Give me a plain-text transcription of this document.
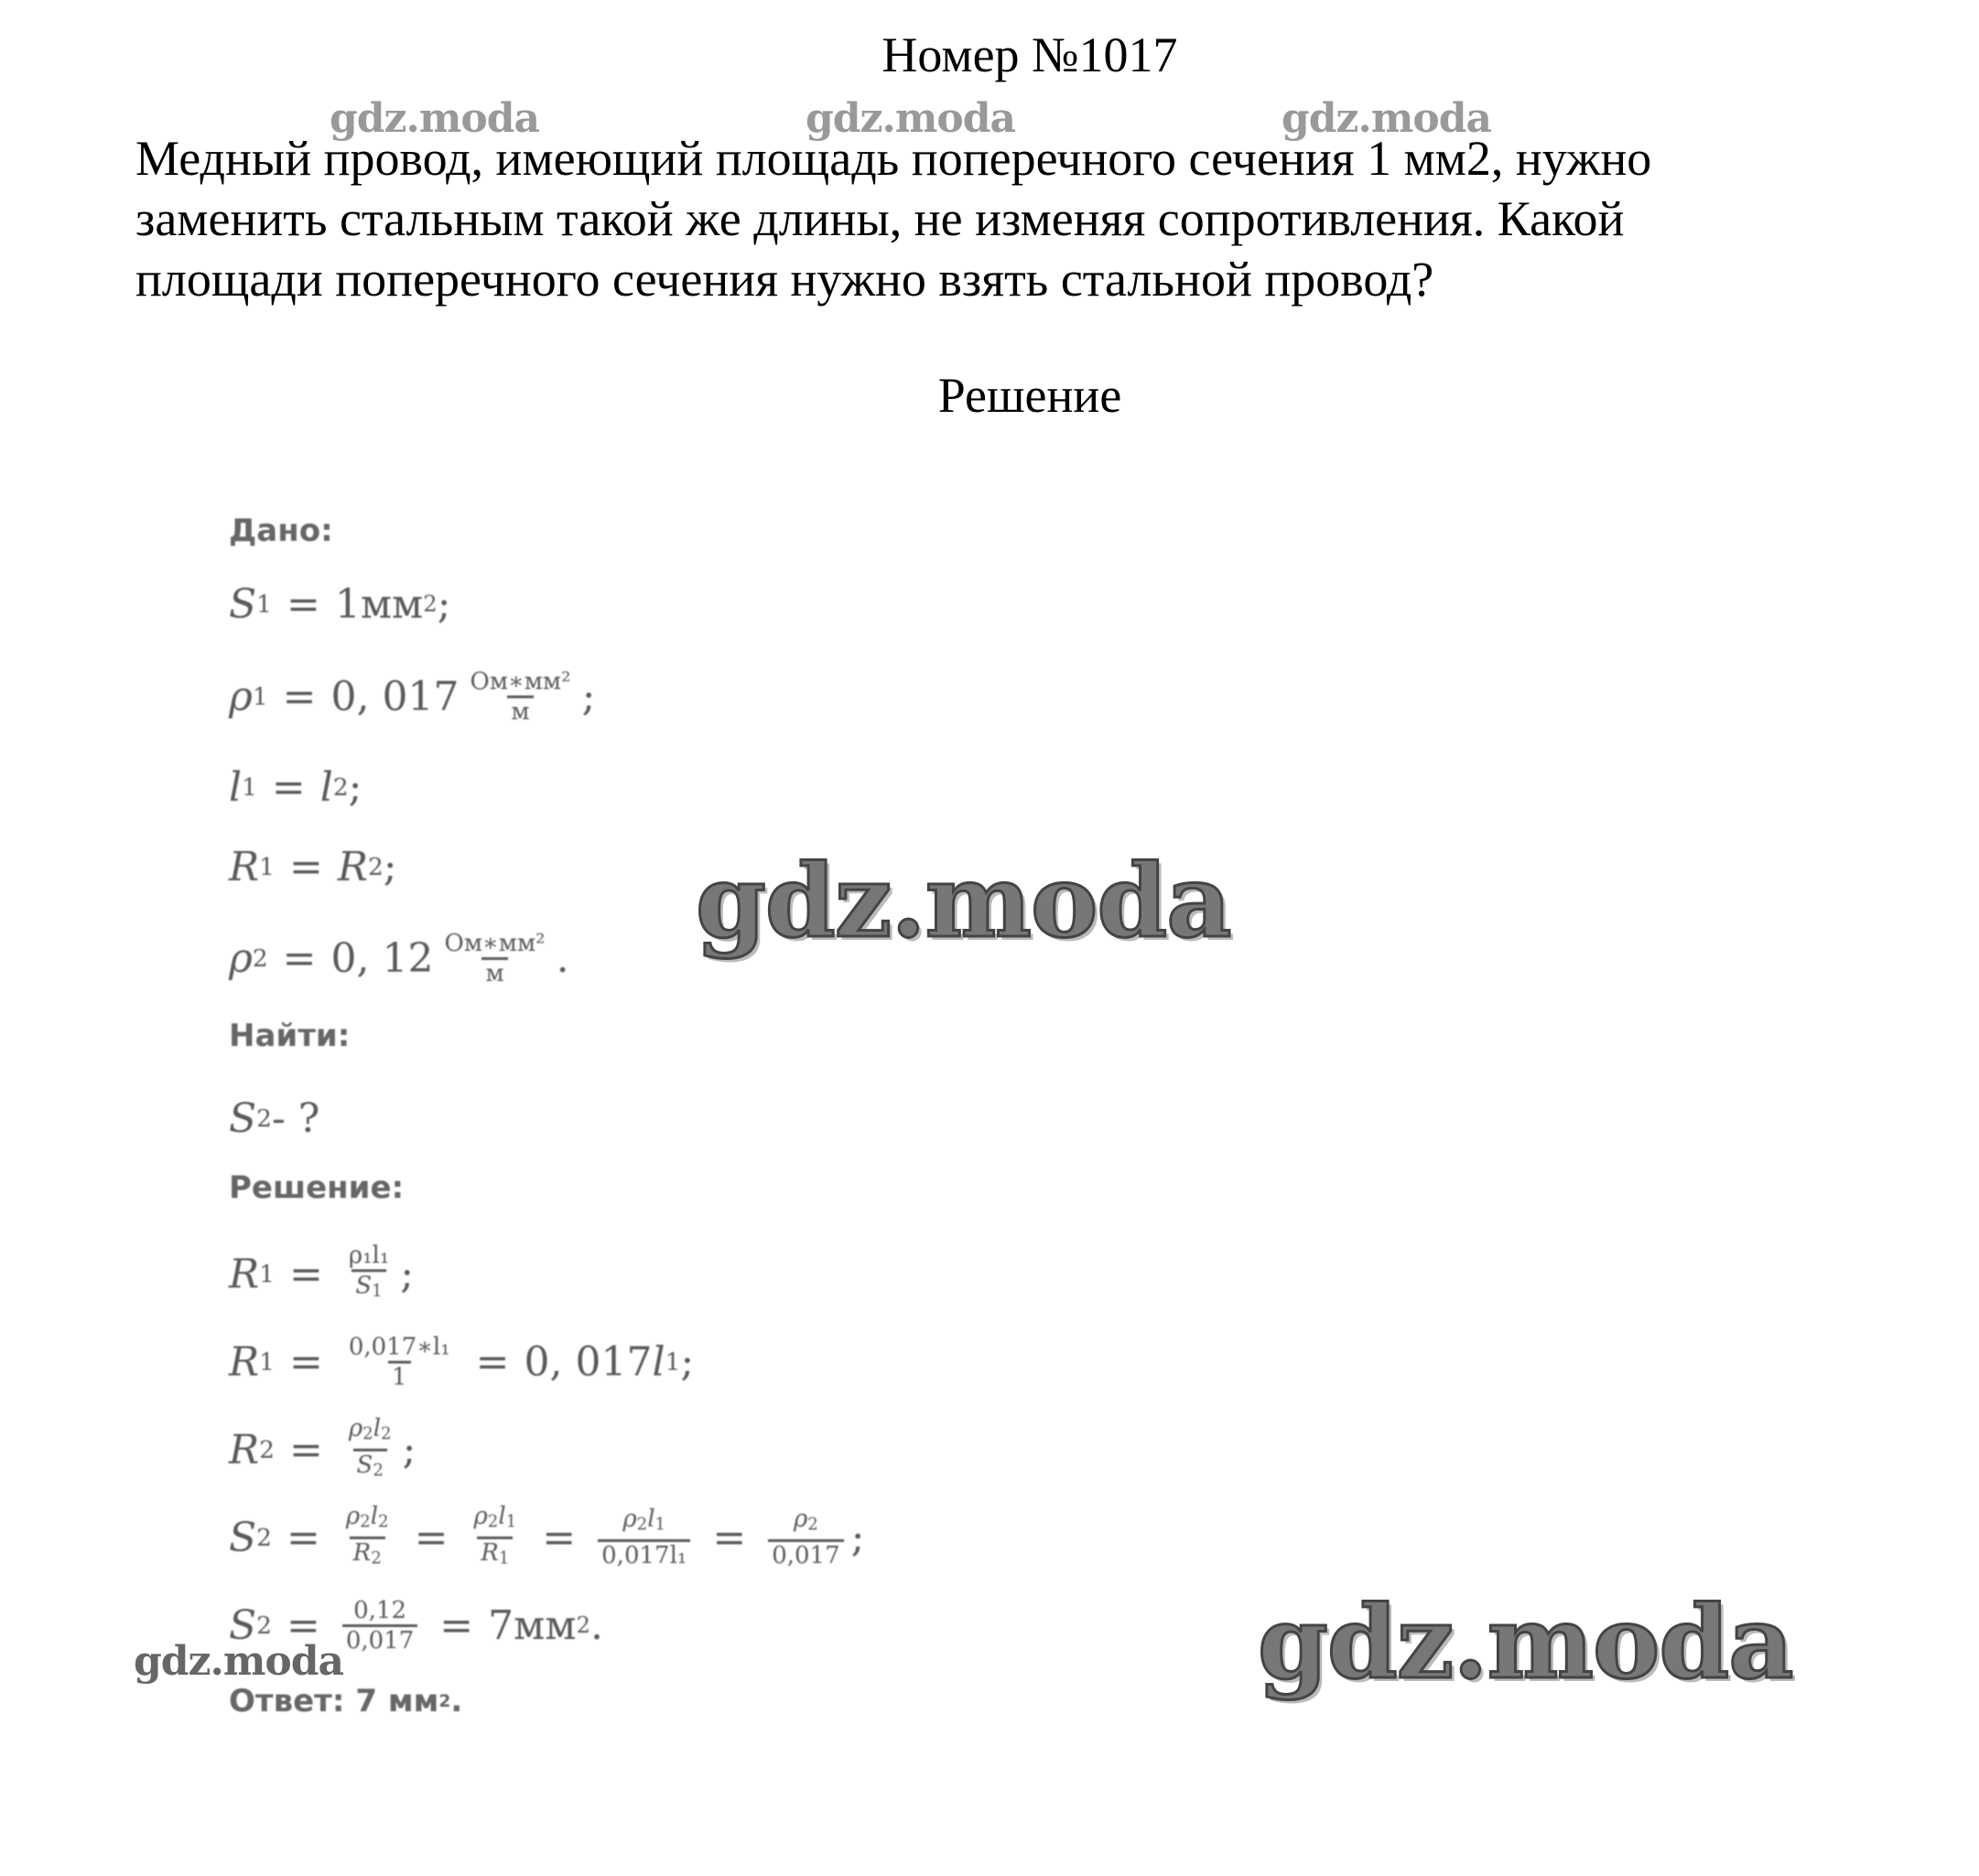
Номер №1017
Медный провод, имеющий площадь поперечного сечения 1 мм2, нужно
заменить стальным такой же длины, не изменяя сопротивления. Какой
площади поперечного сечения нужно взять стальной провод?
Решение

Дано:

S 1 = 1мм 2 ;
ρ 1 = 0, $017 \frac{\text{Ом∗мм²}}{м}$ ;
l 1 = l 2 ;
R 1 = R 2 ;
ρ 2 = 0, $12 \frac{\text{Ом∗мм²}}{м}$ .

Найти:

S 2 - ?

Решение:

R $1 = \frac{\text{ρ₁l₁}}{S_1}$ ;
R $1 = \frac{\text{0,017∗l₁}}{1} = 0$, 017 l 1 ;
R $2 = \frac{\rho_2l_2}{S_2}$ ;
S $2 = \frac{\rho_2l_2}{R_2} = \frac{\rho_2l_1}{R_1} = \frac{\rho_2l_1}{\text{0,017l₁}} = \frac{\rho_2}{0,017}$ ;
S $2 = \frac{0,12}{0,017} = 7мм$ 2 .
Ответ: 7 мм 2 .
gdz.moda	gdz.moda	gdz.moda
gdz.moda
gdz.moda
gdz.moda
